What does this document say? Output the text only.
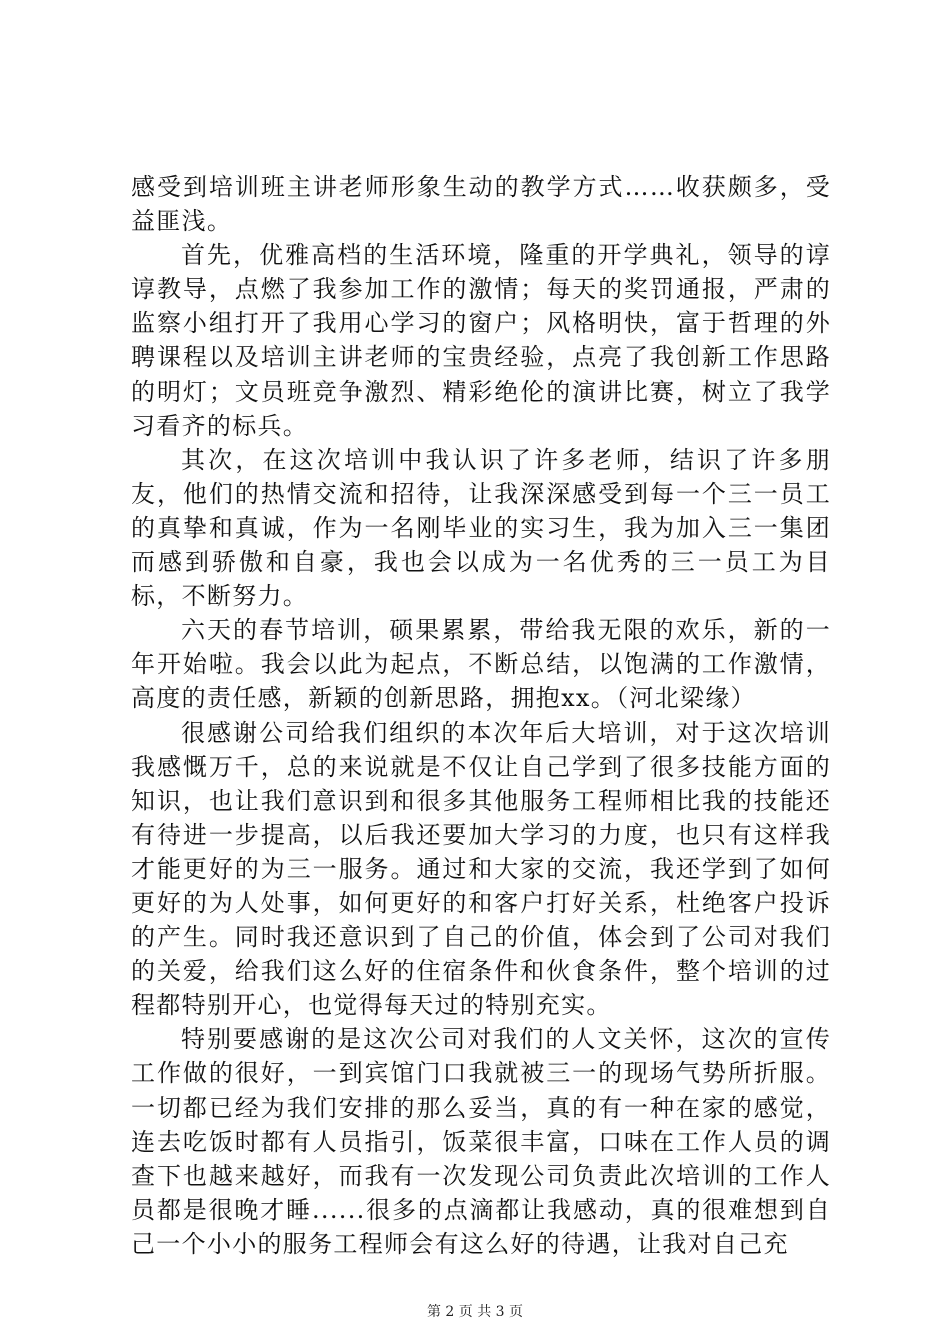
感受到培训班主讲老师形象生动的教学方式……收获颇多，受益匪浅。

首先，优雅高档的生活环境，隆重的开学典礼，领导的谆谆教导，点燃了我参加工作的激情；每天的奖罚通报，严肃的监察小组打开了我用心学习的窗户；风格明快，富于哲理的外聘课程以及培训主讲老师的宝贵经验，点亮了我创新工作思路的明灯；文员班竞争激烈、精彩绝伦的演讲比赛，树立了我学习看齐的标兵。

其次，在这次培训中我认识了许多老师，结识了许多朋友，他们的热情交流和招待，让我深深感受到每一个三一员工的真挚和真诚，作为一名刚毕业的实习生，我为加入三一集团而感到骄傲和自豪，我也会以成为一名优秀的三一员工为目标，不断努力。

六天的春节培训，硕果累累，带给我无限的欢乐，新的一年开始啦。我会以此为起点，不断总结，以饱满的工作激情，高度的责任感，新颖的创新思路，拥抱xx。（河北梁缘）

很感谢公司给我们组织的本次年后大培训，对于这次培训我感慨万千，总的来说就是不仅让自己学到了很多技能方面的知识，也让我们意识到和很多其他服务工程师相比我的技能还有待进一步提高，以后我还要加大学习的力度，也只有这样我才能更好的为三一服务。通过和大家的交流，我还学到了如何更好的为人处事，如何更好的和客户打好关系，杜绝客户投诉的产生。同时我还意识到了自己的价值，体会到了公司对我们的关爱，给我们这么好的住宿条件和伙食条件，整个培训的过程都特别开心，也觉得每天过的特别充实。

特别要感谢的是这次公司对我们的人文关怀，这次的宣传工作做的很好，一到宾馆门口我就被三一的现场气势所折服。一切都已经为我们安排的那么妥当，真的有一种在家的感觉，连去吃饭时都有人员指引，饭菜很丰富，口味在工作人员的调查下也越来越好，而我有一次发现公司负责此次培训的工作人员都是很晚才睡......很多的点滴都让我感动，真的很难想到自己一个小小的服务工程师会有这么好的待遇，让我对自己充

第 2 页 共 3 页
